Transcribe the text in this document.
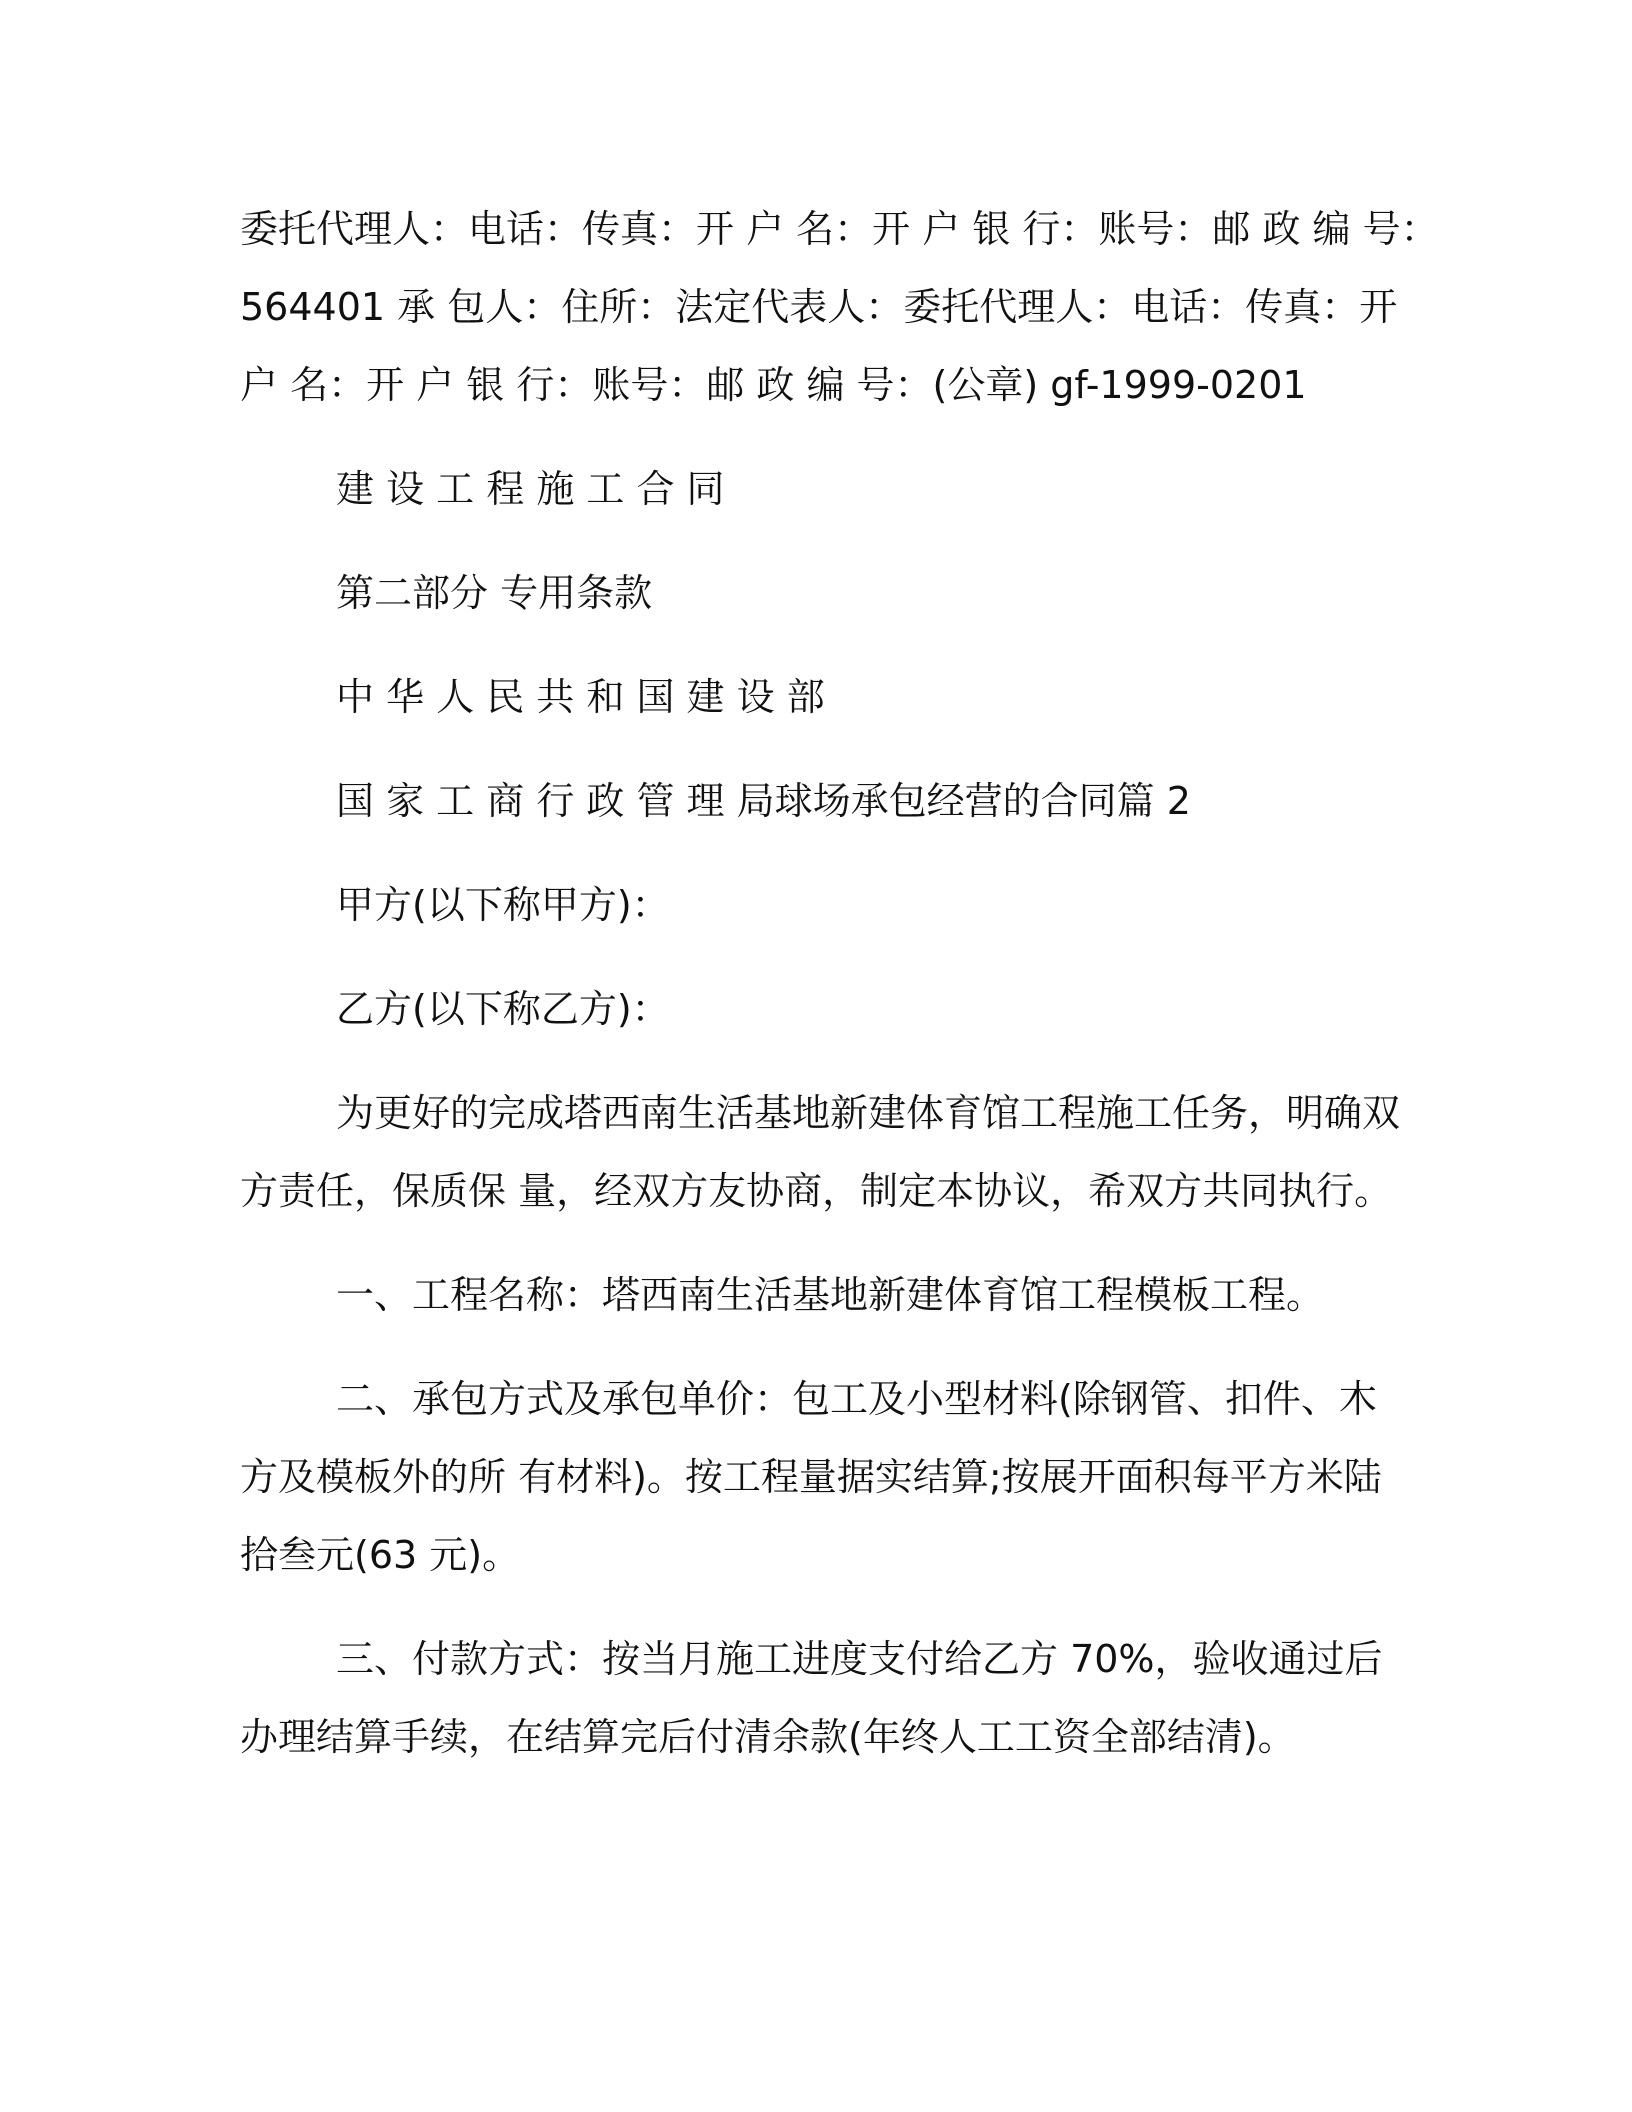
委托代理人：电话：传真：开 户 名：开 户 银 行：账号：邮 政 编 号：

564401 承 包人：住所：法定代表人：委托代理人：电话：传真：开

户 名：开 户 银 行：账号：邮 政 编 号：(公章) gf-1999-0201

建 设 工 程 施 工 合 同

第二部分 专用条款

中 华 人 民 共 和 国 建 设 部

国 家 工 商 行 政 管 理 局球场承包经营的合同篇 2

甲方(以下称甲方)：

乙方(以下称乙方)：

为更好的完成塔西南生活基地新建体育馆工程施工任务，明确双

方责任，保质保 量，经双方友协商，制定本协议，希双方共同执行。

一、工程名称：塔西南生活基地新建体育馆工程模板工程。

二、承包方式及承包单价：包工及小型材料(除钢管、扣件、木

方及模板外的所 有材料)。按工程量据实结算;按展开面积每平方米陆

拾叁元(63 元)。

三、付款方式：按当月施工进度支付给乙方 70%，验收通过后

办理结算手续，在结算完后付清余款(年终人工工资全部结清)。
